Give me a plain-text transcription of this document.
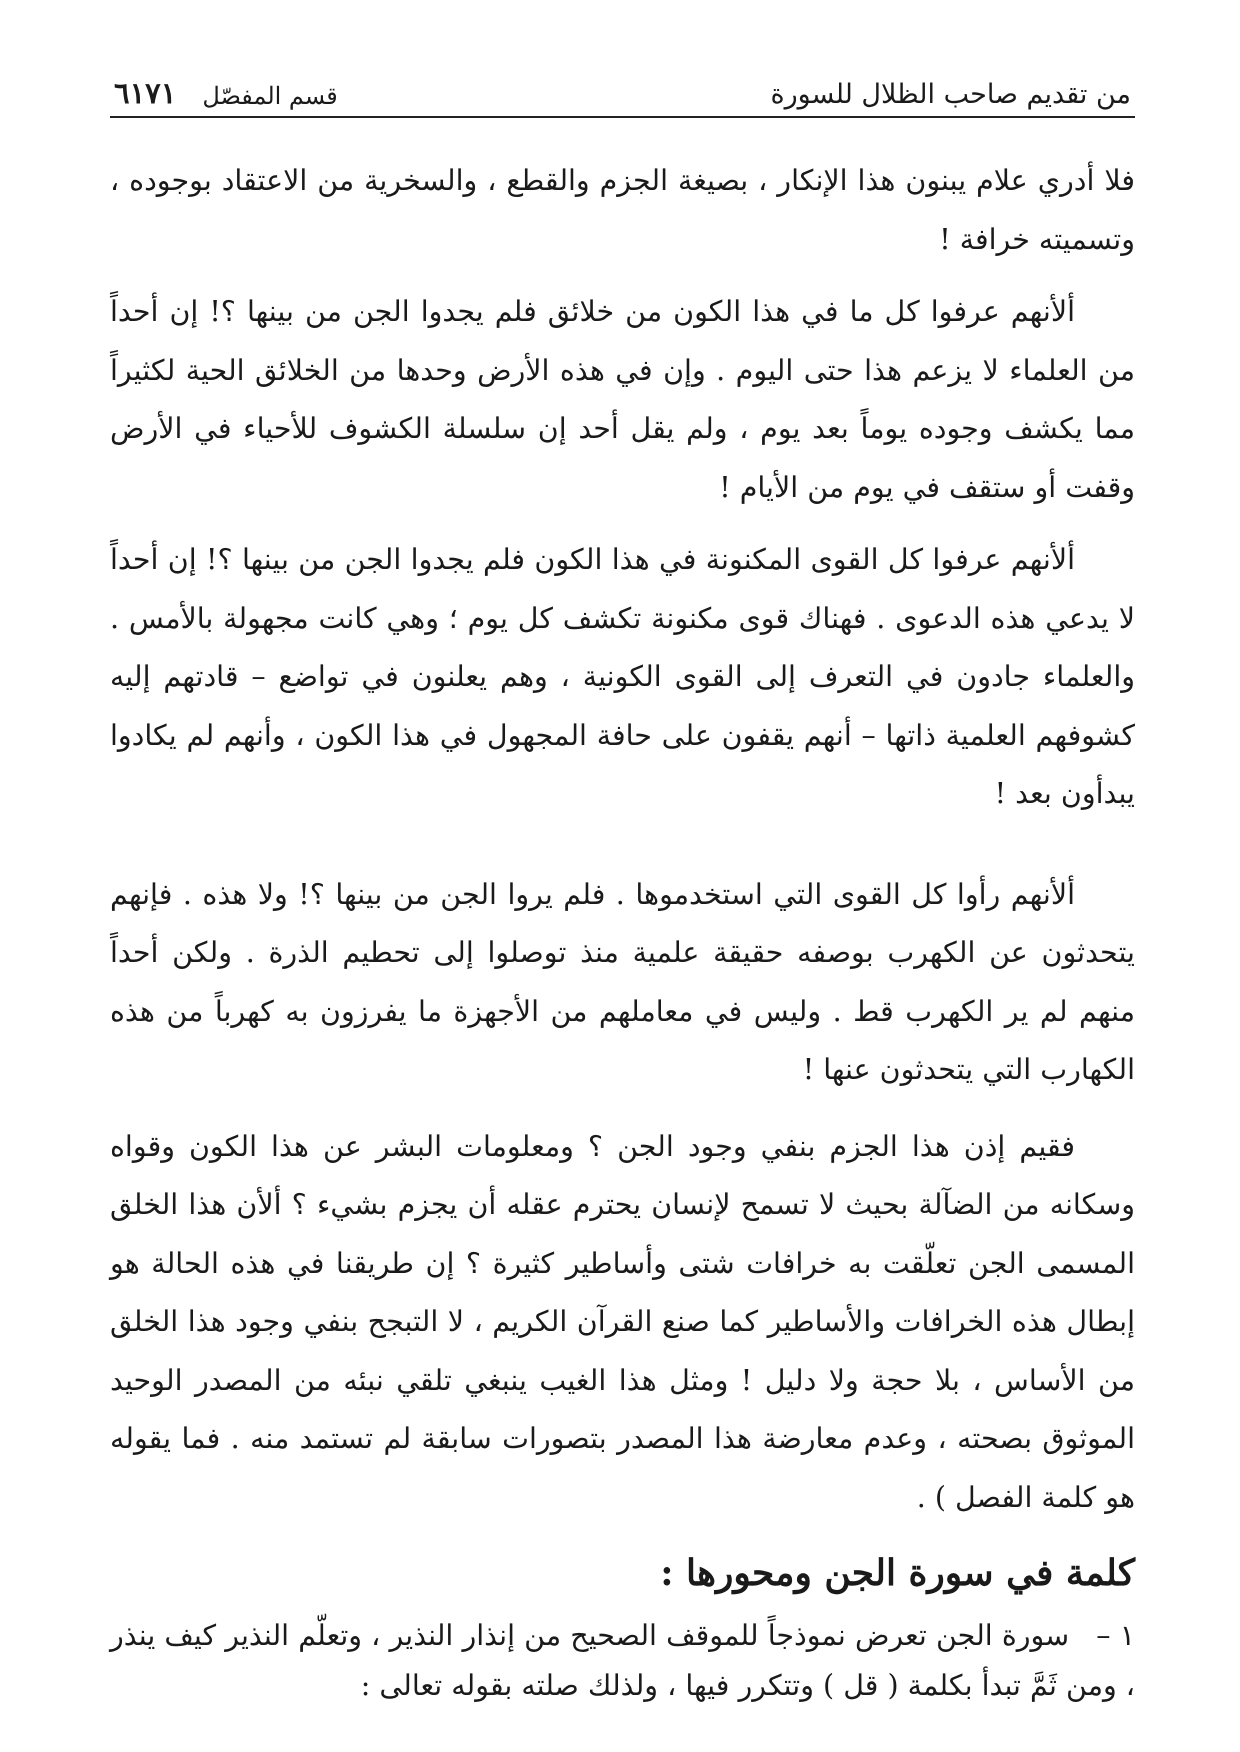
من تقديم صاحب الظلال للسورة
قسم المفصّل
٦١٧١

فلا أدري علام يبنون هذا الإنكار ، بصيغة الجزم والقطع ، والسخرية من الاعتقاد بوجوده ، وتسميته خرافة !

ألأنهم عرفوا كل ما في هذا الكون من خلائق فلم يجدوا الجن من بينها ؟! إن أحداً من العلماء لا يزعم هذا حتى اليوم . وإن في هذه الأرض وحدها من الخلائق الحية لكثيراً مما يكشف وجوده يوماً بعد يوم ، ولم يقل أحد إن سلسلة الكشوف للأحياء في الأرض وقفت أو ستقف في يوم من الأيام !

ألأنهم عرفوا كل القوى المكنونة في هذا الكون فلم يجدوا الجن من بينها ؟! إن أحداً لا يدعي هذه الدعوى . فهناك قوى مكنونة تكشف كل يوم ؛ وهي كانت مجهولة بالأمس . والعلماء جادون في التعرف إلى القوى الكونية ، وهم يعلنون في تواضع – قادتهم إليه كشوفهم العلمية ذاتها – أنهم يقفون على حافة المجهول في هذا الكون ، وأنهم لم يكادوا يبدأون بعد !

ألأنهم رأوا كل القوى التي استخدموها . فلم يروا الجن من بينها ؟! ولا هذه . فإنهم يتحدثون عن الكهرب بوصفه حقيقة علمية منذ توصلوا إلى تحطيم الذرة . ولكن أحداً منهم لم ير الكهرب قط . وليس في معاملهم من الأجهزة ما يفرزون به كهرباً من هذه الكهارب التي يتحدثون عنها !

فقيم إذن هذا الجزم بنفي وجود الجن ؟ ومعلومات البشر عن هذا الكون وقواه وسكانه من الضآلة بحيث لا تسمح لإنسان يحترم عقله أن يجزم بشيء ؟ ألأن هذا الخلق المسمى الجن تعلّقت به خرافات شتى وأساطير كثيرة ؟ إن طريقنا في هذه الحالة هو إبطال هذه الخرافات والأساطير كما صنع القرآن الكريم ، لا التبجح بنفي وجود هذا الخلق من الأساس ، بلا حجة ولا دليل ! ومثل هذا الغيب ينبغي تلقي نبئه من المصدر الوحيد الموثوق بصحته ، وعدم معارضة هذا المصدر بتصورات سابقة لم تستمد منه . فما يقوله هو كلمة الفصل ) .

كلمة في سورة الجن ومحورها :

١ – سورة الجن تعرض نموذجاً للموقف الصحيح من إنذار النذير ، وتعلّم النذير كيف ينذر ، ومن ثَمَّ تبدأ بكلمة ( قل ) وتتكرر فيها ، ولذلك صلته بقوله تعالى :
